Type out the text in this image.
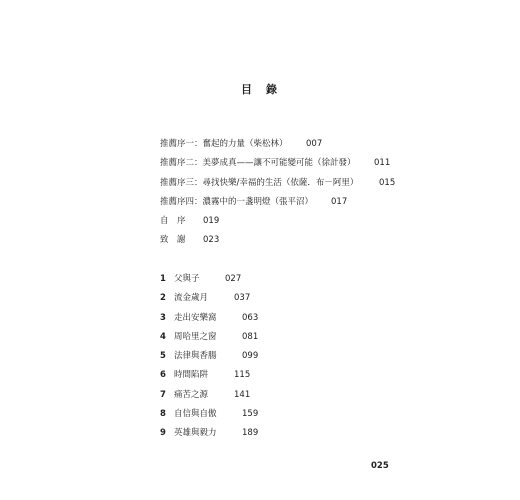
目 錄
推薦序一：奮起的力量（柴松林） 007
推薦序二：美夢成真——讓不可能變可能（徐計發） 011
推薦序三：尋找快樂/幸福的生活（依薩．布－阿里） 015
推薦序四：濃霧中的一盞明燈（張平沼） 017
自　序 019
致　謝 023
1 父與子	027
2 流金歲月	037
3 走出安樂窩	063
4 周哈里之窗	081
5 法律與香腸	099
6 時間陷阱	115
7 痛苦之源	141
8 自信與自傲	159
9 英雄與毅力	189
025
